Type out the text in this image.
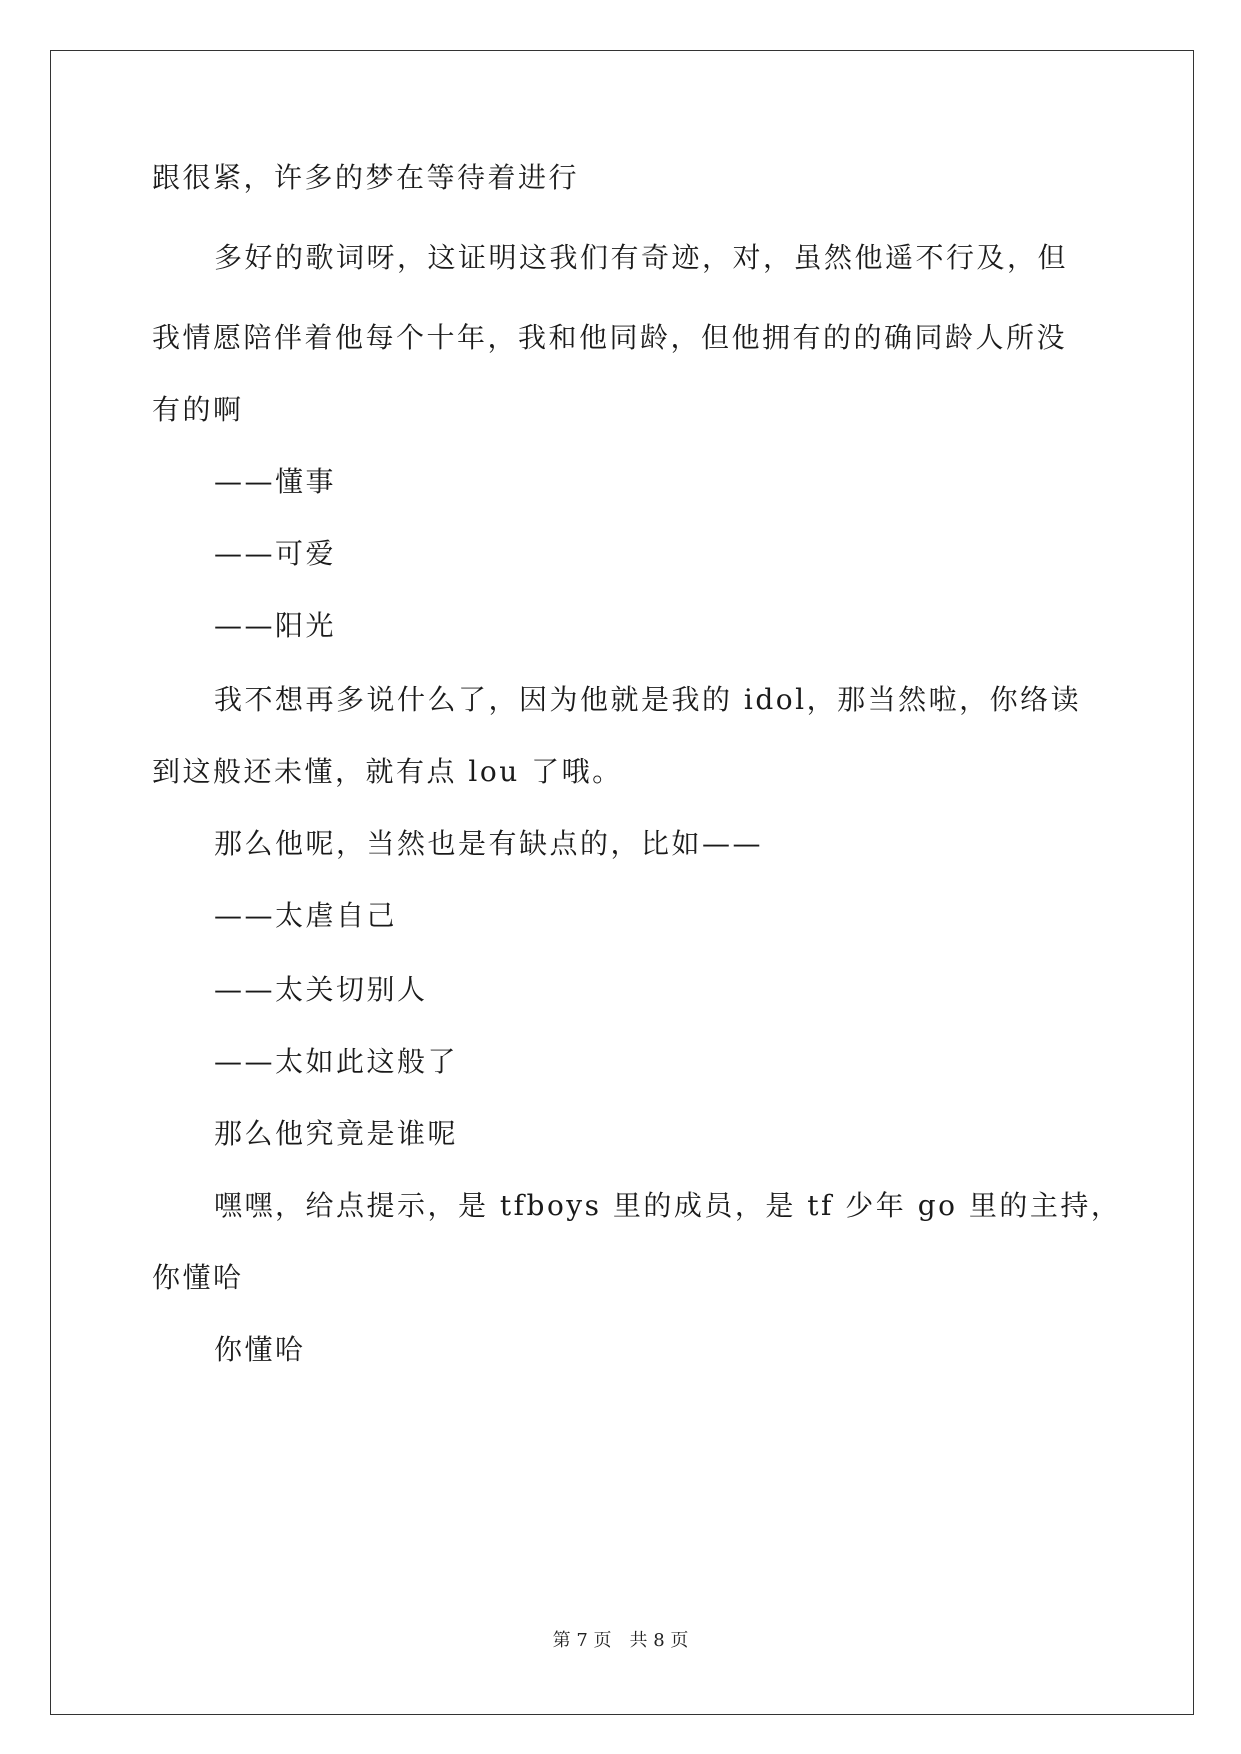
跟很紧，许多的梦在等待着进行
多好的歌词呀，这证明这我们有奇迹，对，虽然他遥不行及，但
我情愿陪伴着他每个十年，我和他同龄，但他拥有的的确同龄人所没
有的啊
——懂事
——可爱
——阳光
我不想再多说什么了，因为他就是我的 idol，那当然啦，你络读
到这般还未懂，就有点 lou 了哦。
那么他呢，当然也是有缺点的，比如——
——太虐自己
——太关切别人
——太如此这般了
那么他究竟是谁呢
嘿嘿，给点提示，是 tfboys 里的成员，是 tf 少年 go 里的主持，
你懂哈
你懂哈
第 7 页 共 8 页
